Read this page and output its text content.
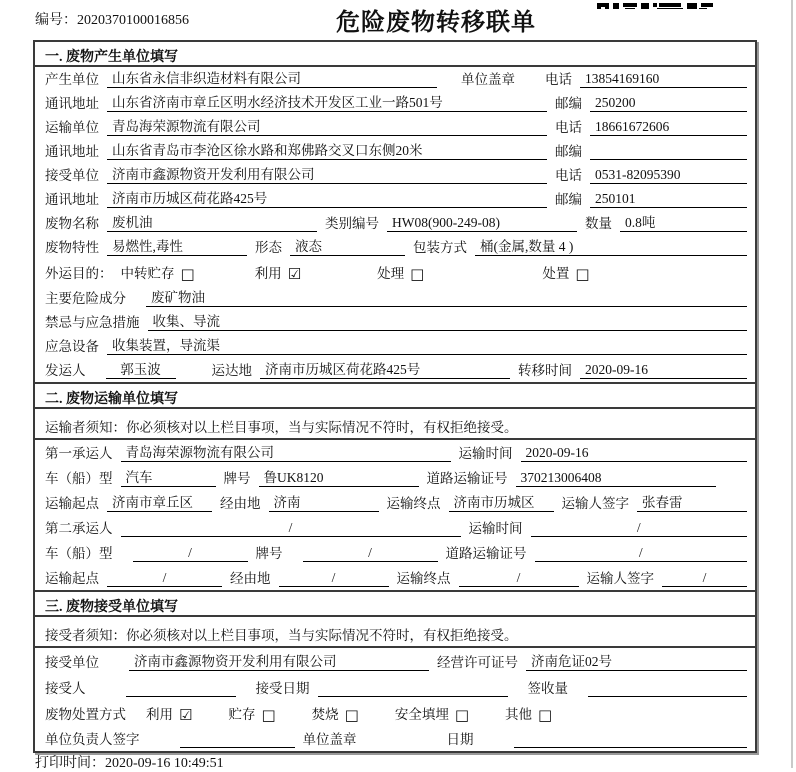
编号：2020370100016856	危险废物转移联单
一. 废物产生单位填写
产生单位 山东省永信非织造材料有限公司	单位盖章 电话 13854169160
通讯地址 山东省济南市章丘区明水经济技术开发区工业一路501号	邮编 250200
运输单位 青岛海荣源物流有限公司	电话 18661672606
通讯地址 山东省青岛市李沧区徐水路和郑佛路交叉口东侧20米	邮编
接受单位 济南市鑫源物资开发利用有限公司	电话 0531-82095390
通讯地址 济南市历城区荷花路425号	邮编 250101
废物名称 废机油	类别编号 HW08(900-249-08)	数量 0.8吨
废物特性 易燃性,毒性	形态 液态	包装方式 桶(金属,数量 4 )
外运目的： 中转贮存 □	利用 ☑	处理 □	处置 □
主要危险成分	废矿物油
禁忌与应急措施 收集、导流
应急设备 收集装置，导流渠
发运人	郭玉波	运达地 济南市历城区荷花路425号	转移时间 2020-09-16
二. 废物运输单位填写
运输者须知：你必须核对以上栏目事项，当与实际情况不符时，有权拒绝接受。
第一承运人 青岛海荣源物流有限公司	运输时间 2020-09-16
车（船）型 汽车	牌号 鲁UK8120	道路运输证号 370213006408
运输起点 济南市章丘区	经由地 济南	运输终点 济南市历城区	运输人签字 张春雷
第二承运人	/	运输时间	/
车（船）型	/	牌号	/	道路运输证号	/
运输起点	/	经由地	/	运输终点	/	运输人签字	/
三. 废物接受单位填写
接受者须知：你必须核对以上栏目事项，当与实际情况不符时，有权拒绝接受。
接受单位	济南市鑫源物资开发利用有限公司	经营许可证号 济南危证02号
接受人	接受日期	签收量
废物处置方式 利用 ☑	贮存 □	焚烧 □	安全填埋 □	其他 □
单位负责人签字	单位盖章	日期
打印时间：2020-09-16 10:49:51
